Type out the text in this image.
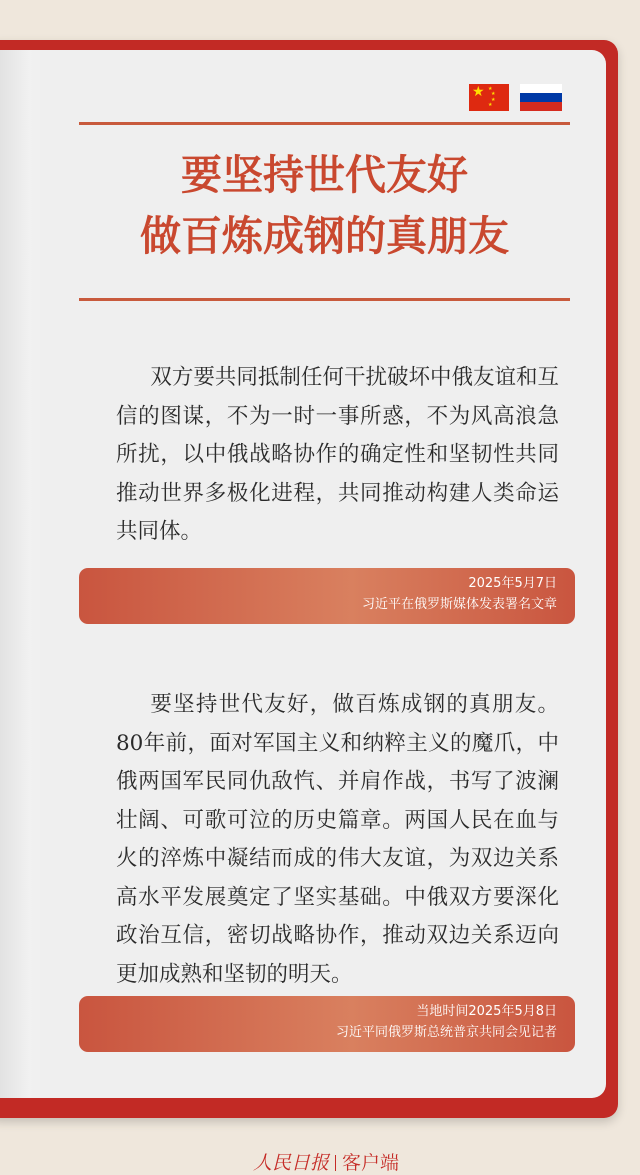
★ ★
★
★
★
要坚持世代友好
做百炼成钢的真朋友
双方要共同抵制任何干扰破坏中俄友谊和互信的图谋，不为一时一事所惑，不为风高浪急所扰，以中俄战略协作的确定性和坚韧性共同推动世界多极化进程，共同推动构建人类命运共同体。
2025年5月7日
习近平在俄罗斯媒体发表署名文章
要坚持世代友好，做百炼成钢的真朋友。80年前，面对军国主义和纳粹主义的魔爪，中俄两国军民同仇敌忾、并肩作战，书写了波澜壮阔、可歌可泣的历史篇章。两国人民在血与火的淬炼中凝结而成的伟大友谊，为双边关系高水平发展奠定了坚实基础。中俄双方要深化政治互信，密切战略协作，推动双边关系迈向更加成熟和坚韧的明天。
当地时间2025年5月8日
习近平同俄罗斯总统普京共同会见记者
人民日报 客户端
